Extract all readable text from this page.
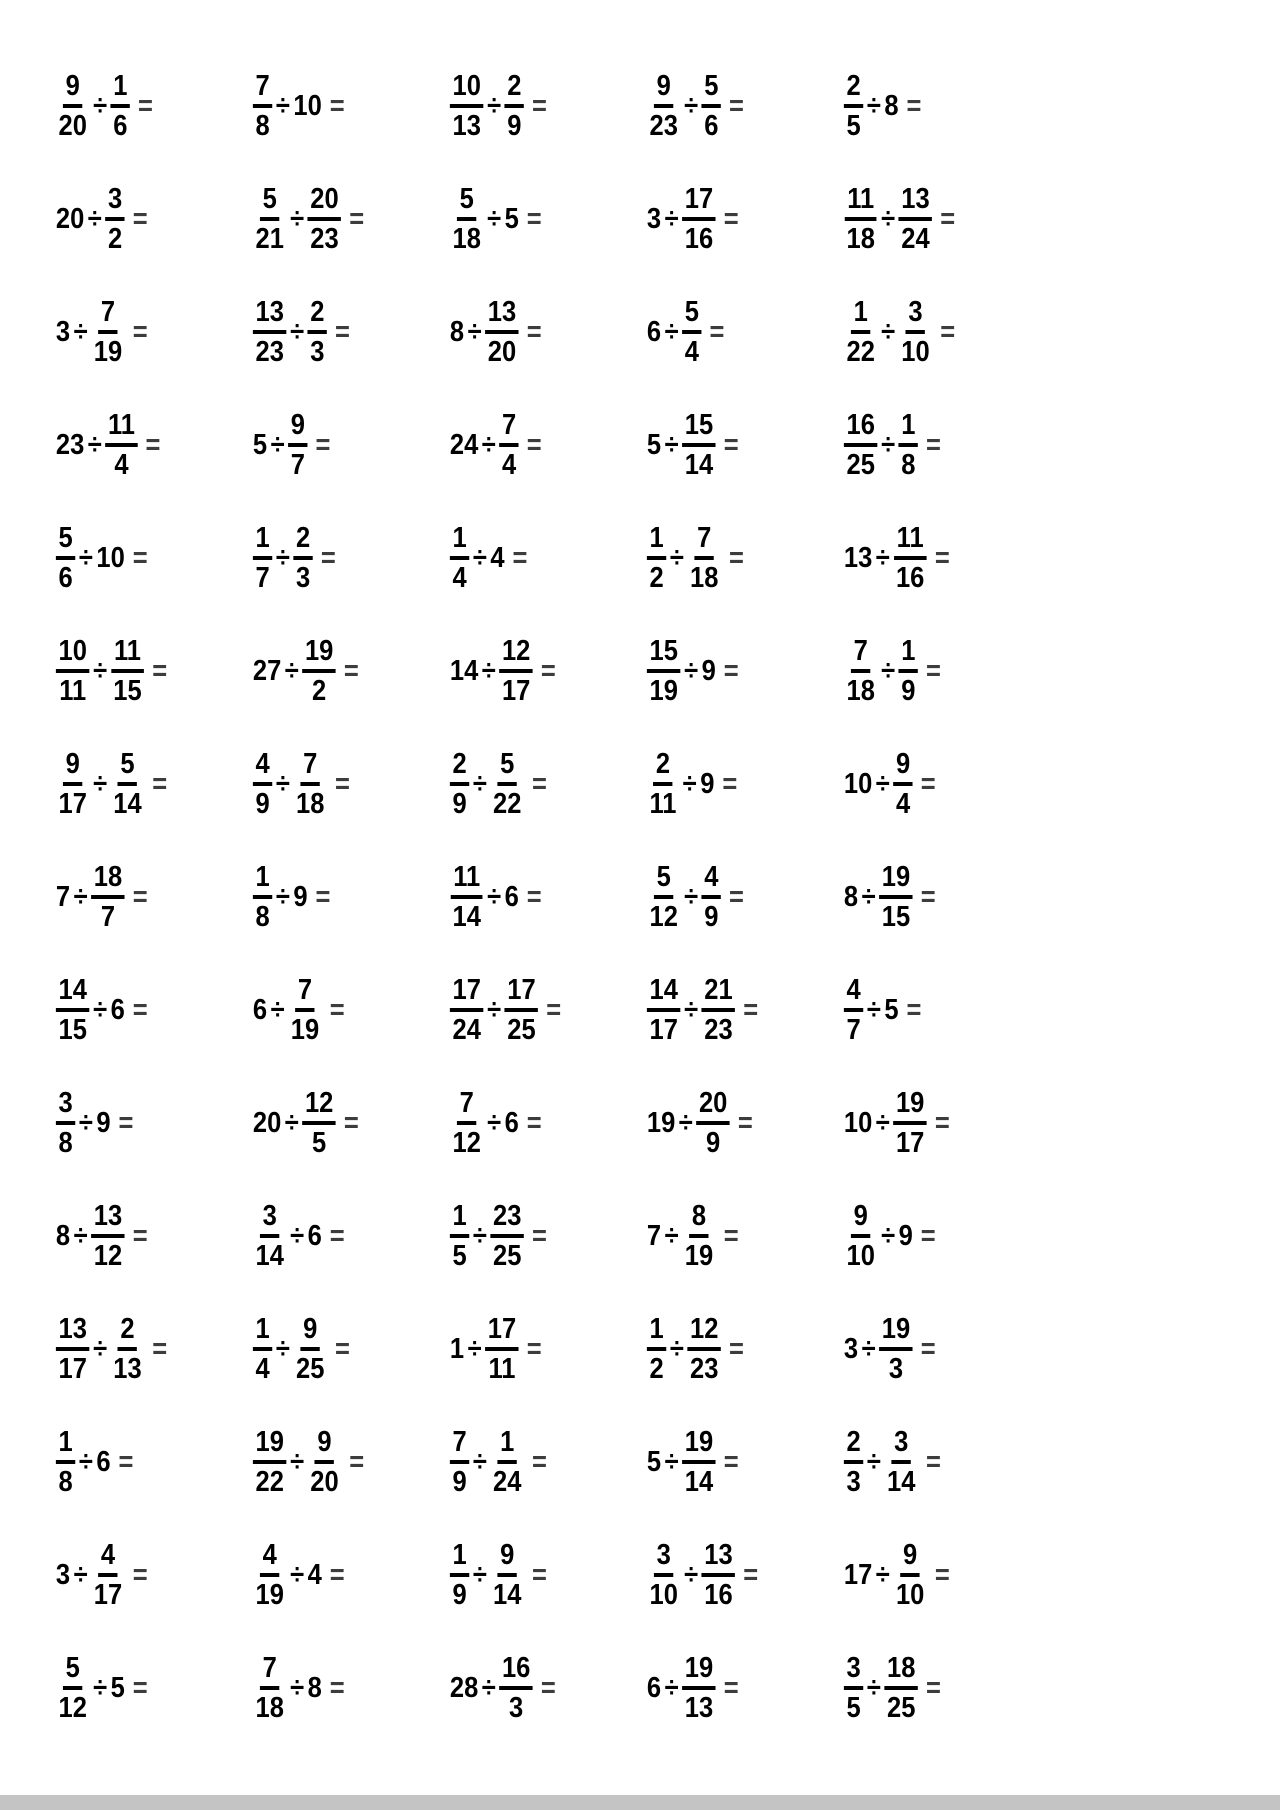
$\frac{9}{20} \div \frac{1}{6}$ =	$\frac{7}{8} \div 10$ =	$\frac{10}{13} \div \frac{2}{9}$ =	$\frac{9}{23} \div \frac{5}{6}$ =	$\frac{2}{5} \div 8$ =
$20 \div \frac{3}{2}$ =	$\frac{5}{21} \div \frac{20}{23}$ =	$\frac{5}{18} \div 5$ =	$3 \div \frac{17}{16}$ =	$\frac{11}{18} \div \frac{13}{24}$ =
$3 \div \frac{7}{19}$ =	$\frac{13}{23} \div \frac{2}{3}$ =	$8 \div \frac{13}{20}$ =	$6 \div \frac{5}{4}$ =	$\frac{1}{22} \div \frac{3}{10}$ =
$23 \div \frac{11}{4}$ =	$5 \div \frac{9}{7}$ =	$24 \div \frac{7}{4}$ =	$5 \div \frac{15}{14}$ =	$\frac{16}{25} \div \frac{1}{8}$ =
$\frac{5}{6} \div 10$ =	$\frac{1}{7} \div \frac{2}{3}$ =	$\frac{1}{4} \div 4$ =	$\frac{1}{2} \div \frac{7}{18}$ =	$13 \div \frac{11}{16}$ =
$\frac{10}{11} \div \frac{11}{15}$ =	$27 \div \frac{19}{2}$ =	$14 \div \frac{12}{17}$ =	$\frac{15}{19} \div 9$ =	$\frac{7}{18} \div \frac{1}{9}$ =
$\frac{9}{17} \div \frac{5}{14}$ =	$\frac{4}{9} \div \frac{7}{18}$ =	$\frac{2}{9} \div \frac{5}{22}$ =	$\frac{2}{11} \div 9$ =	$10 \div \frac{9}{4}$ =
$7 \div \frac{18}{7}$ =	$\frac{1}{8} \div 9$ =	$\frac{11}{14} \div 6$ =	$\frac{5}{12} \div \frac{4}{9}$ =	$8 \div \frac{19}{15}$ =
$\frac{14}{15} \div 6$ =	$6 \div \frac{7}{19}$ =	$\frac{17}{24} \div \frac{17}{25}$ =	$\frac{14}{17} \div \frac{21}{23}$ =	$\frac{4}{7} \div 5$ =
$\frac{3}{8} \div 9$ =	$20 \div \frac{12}{5}$ =	$\frac{7}{12} \div 6$ =	$19 \div \frac{20}{9}$ =	$10 \div \frac{19}{17}$ =
$8 \div \frac{13}{12}$ =	$\frac{3}{14} \div 6$ =	$\frac{1}{5} \div \frac{23}{25}$ =	$7 \div \frac{8}{19}$ =	$\frac{9}{10} \div 9$ =
$\frac{13}{17} \div \frac{2}{13}$ =	$\frac{1}{4} \div \frac{9}{25}$ =	$1 \div \frac{17}{11}$ =	$\frac{1}{2} \div \frac{12}{23}$ =	$3 \div \frac{19}{3}$ =
$\frac{1}{8} \div 6$ =	$\frac{19}{22} \div \frac{9}{20}$ =	$\frac{7}{9} \div \frac{1}{24}$ =	$5 \div \frac{19}{14}$ =	$\frac{2}{3} \div \frac{3}{14}$ =
$3 \div \frac{4}{17}$ =	$\frac{4}{19} \div 4$ =	$\frac{1}{9} \div \frac{9}{14}$ =	$\frac{3}{10} \div \frac{13}{16}$ =	$17 \div \frac{9}{10}$ =
$\frac{5}{12} \div 5$ =	$\frac{7}{18} \div 8$ =	$28 \div \frac{16}{3}$ =	$6 \div \frac{19}{13}$ =	$\frac{3}{5} \div \frac{18}{25}$ =
